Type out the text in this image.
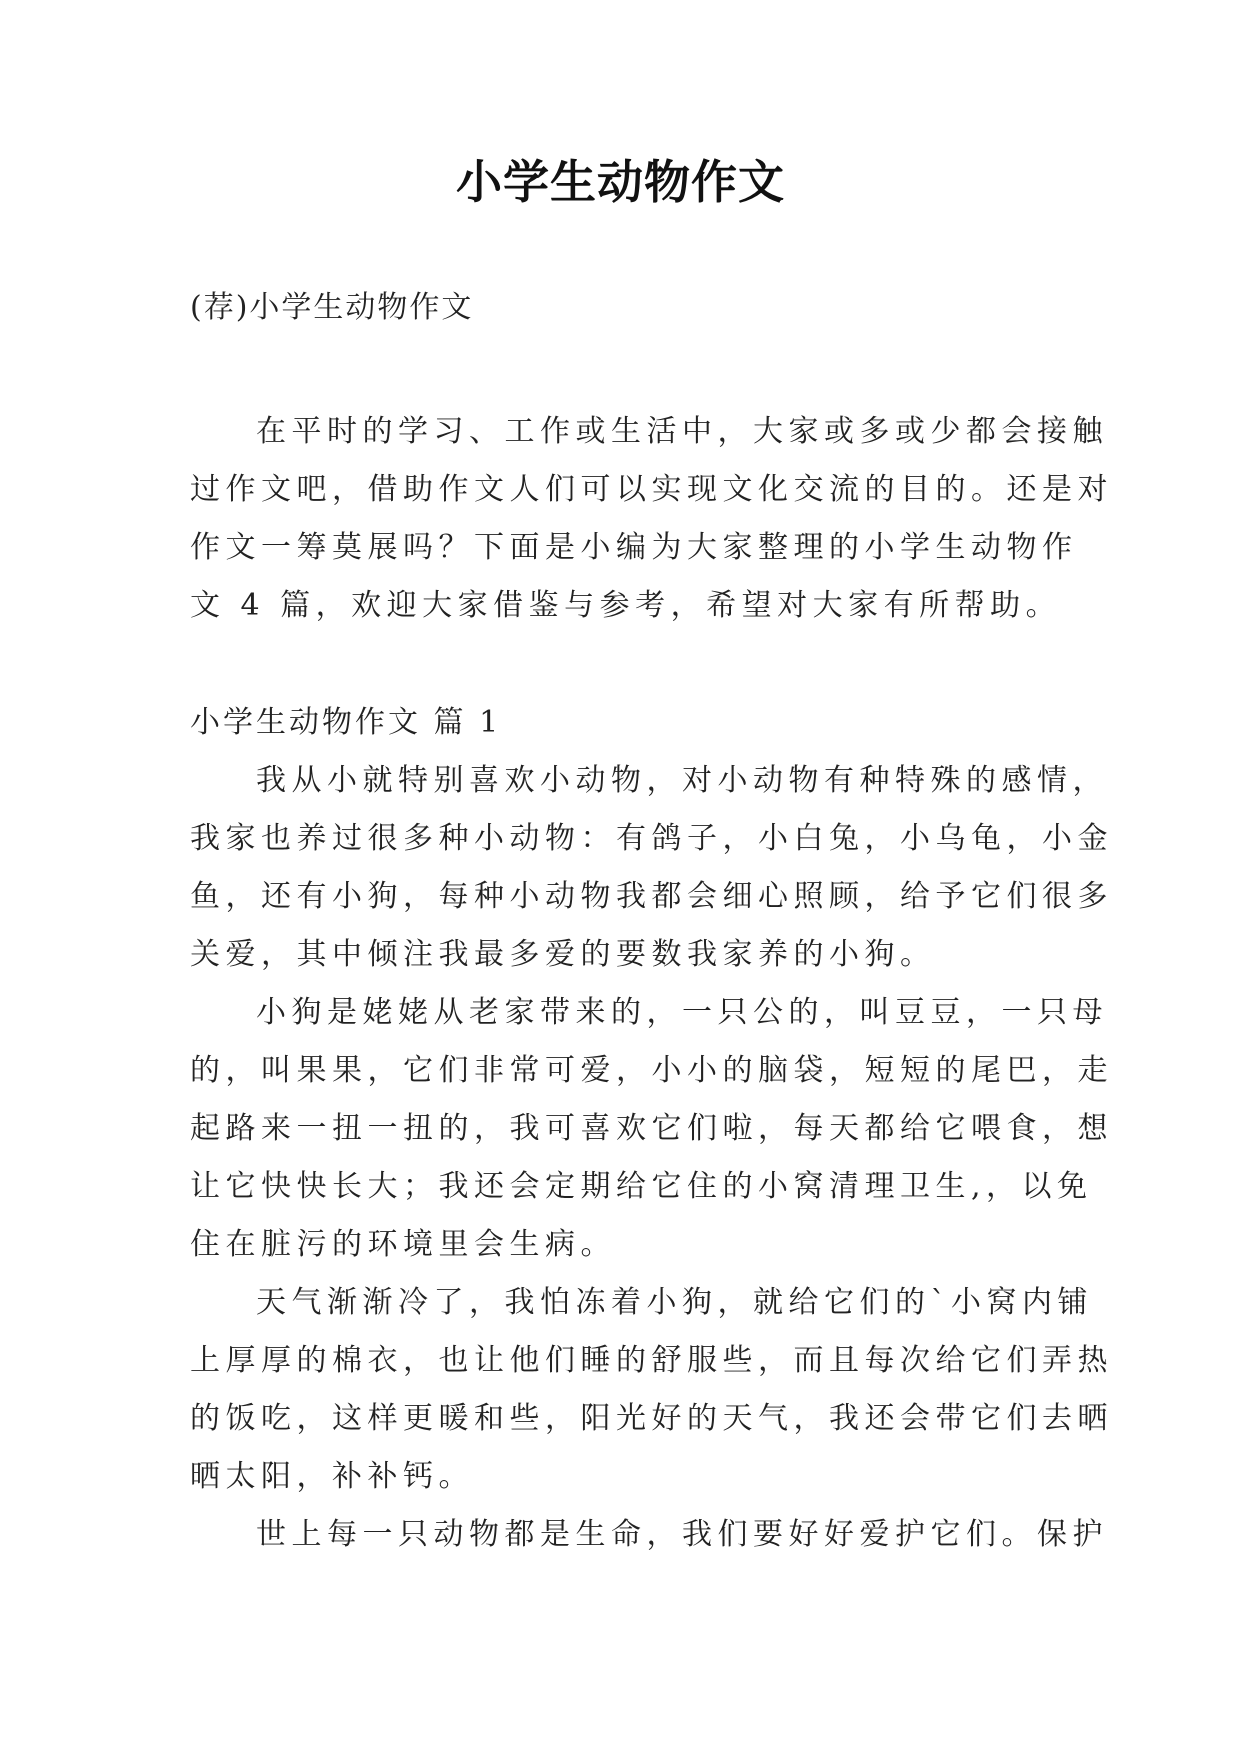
小学生动物作文
(荐)小学生动物作文
在平时的学习、工作或生活中，大家或多或少都会接触
过作文吧，借助作文人们可以实现文化交流的目的。还是对
作文一筹莫展吗？下面是小编为大家整理的小学生动物作
文 4 篇，欢迎大家借鉴与参考，希望对大家有所帮助。
小学生动物作文 篇 1
我从小就特别喜欢小动物，对小动物有种特殊的感情，
我家也养过很多种小动物：有鸽子，小白兔，小乌龟，小金
鱼，还有小狗，每种小动物我都会细心照顾，给予它们很多
关爱，其中倾注我最多爱的要数我家养的小狗。
小狗是姥姥从老家带来的，一只公的，叫豆豆，一只母
的，叫果果，它们非常可爱，小小的脑袋，短短的尾巴，走
起路来一扭一扭的，我可喜欢它们啦，每天都给它喂食，想
让它快快长大；我还会定期给它住的小窝清理卫生,，以免
住在脏污的环境里会生病。
天气渐渐冷了，我怕冻着小狗，就给它们的`小窝内铺
上厚厚的棉衣，也让他们睡的舒服些，而且每次给它们弄热
的饭吃，这样更暖和些，阳光好的天气，我还会带它们去晒
晒太阳，补补钙。
世上每一只动物都是生命，我们要好好爱护它们。保护
